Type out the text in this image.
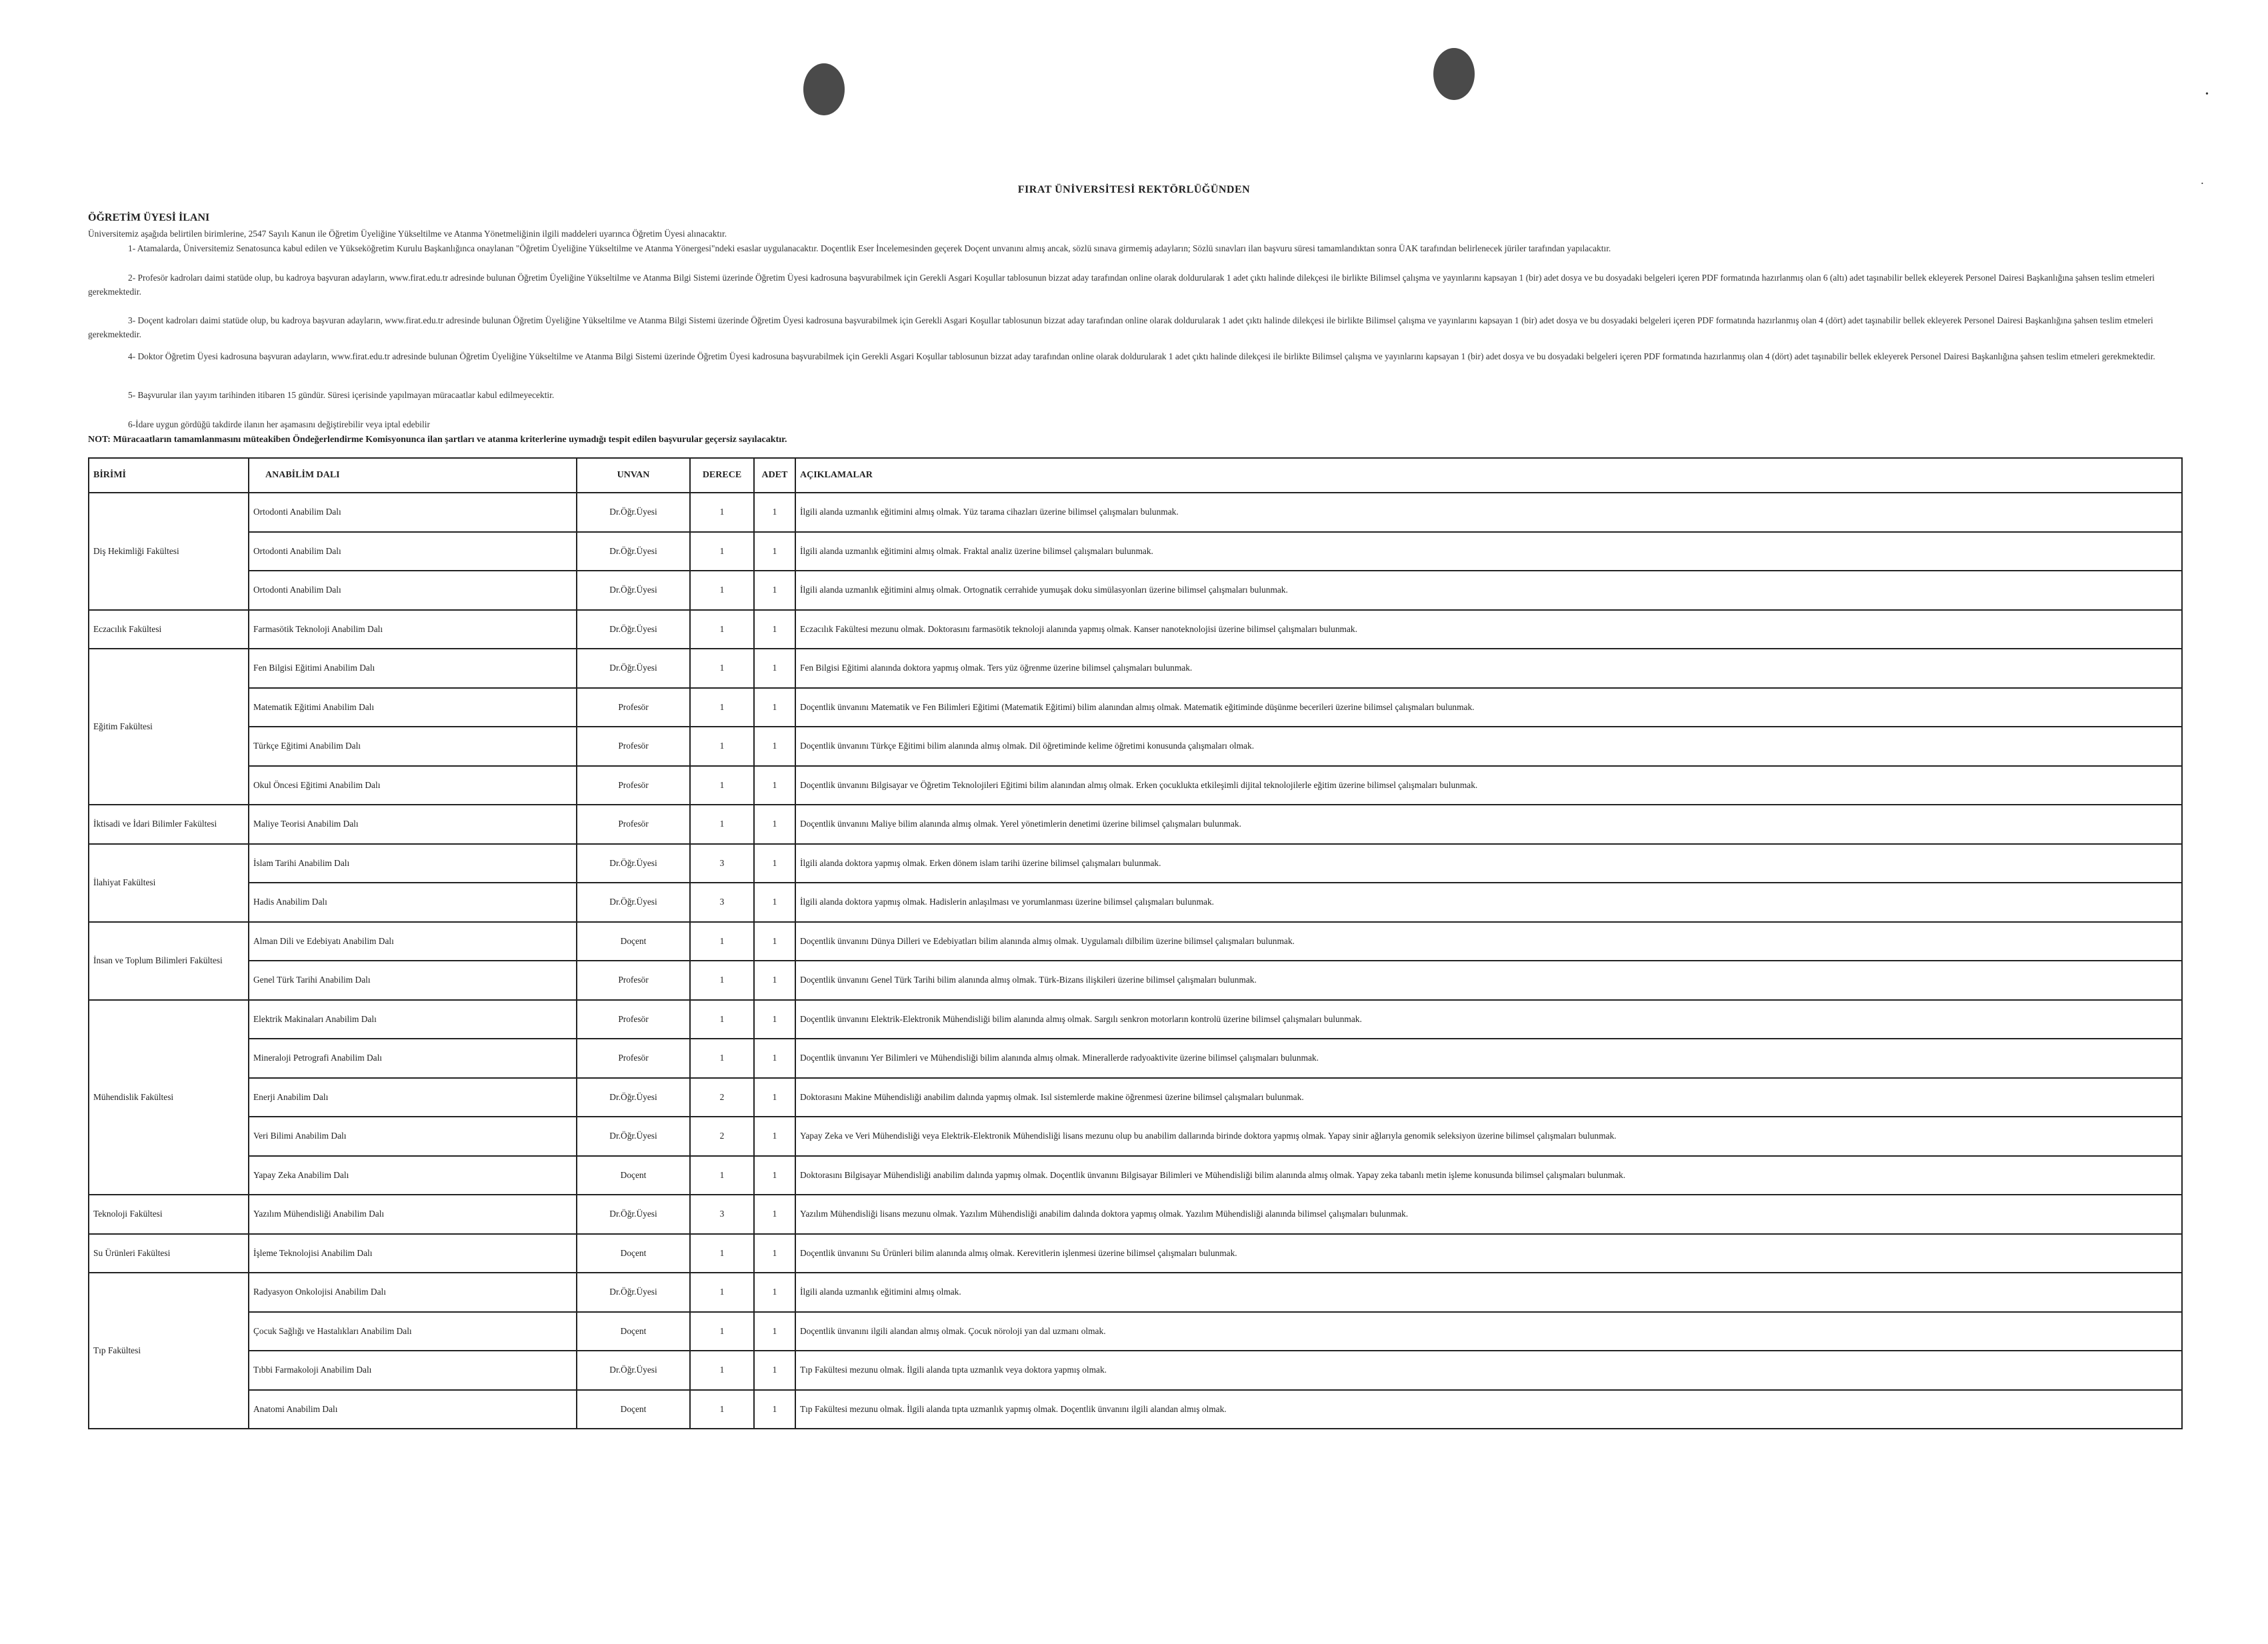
•
˙
FIRAT ÜNİVERSİTESİ REKTÖRLÜĞÜNDEN
ÖĞRETİM ÜYESİ İLANI
Üniversitemiz aşağıda belirtilen birimlerine, 2547 Sayılı Kanun ile Öğretim Üyeliğine Yükseltilme ve Atanma Yönetmeliğinin ilgili maddeleri uyarınca Öğretim Üyesi alınacaktır.
1- Atamalarda, Üniversitemiz Senatosunca kabul edilen ve Yükseköğretim Kurulu Başkanlığınca onaylanan "Öğretim Üyeliğine Yükseltilme ve Atanma Yönergesi"ndeki esaslar uygulanacaktır. Doçentlik Eser İncelemesinden geçerek Doçent unvanını almış ancak, sözlü sınava girmemiş adayların; Sözlü sınavları ilan başvuru süresi tamamlandıktan sonra ÜAK tarafından belirlenecek jüriler tarafından yapılacaktır.
2- Profesör kadroları daimi statüde olup, bu kadroya başvuran adayların, www.firat.edu.tr adresinde bulunan Öğretim Üyeliğine Yükseltilme ve Atanma Bilgi Sistemi üzerinde Öğretim Üyesi kadrosuna başvurabilmek için Gerekli Asgari Koşullar tablosunun bizzat aday tarafından online olarak doldurularak 1 adet çıktı halinde dilekçesi ile birlikte Bilimsel çalışma ve yayınlarını kapsayan 1 (bir) adet dosya ve bu dosyadaki belgeleri içeren PDF formatında hazırlanmış olan 6 (altı) adet taşınabilir bellek ekleyerek Personel Dairesi Başkanlığına şahsen teslim etmeleri gerekmektedir.
3- Doçent kadroları daimi statüde olup, bu kadroya başvuran adayların, www.firat.edu.tr adresinde bulunan Öğretim Üyeliğine Yükseltilme ve Atanma Bilgi Sistemi üzerinde Öğretim Üyesi kadrosuna başvurabilmek için Gerekli Asgari Koşullar tablosunun bizzat aday tarafından online olarak doldurularak 1 adet çıktı halinde dilekçesi ile birlikte Bilimsel çalışma ve yayınlarını kapsayan 1 (bir) adet dosya ve bu dosyadaki belgeleri içeren PDF formatında hazırlanmış olan 4 (dört) adet taşınabilir bellek ekleyerek Personel Dairesi Başkanlığına şahsen teslim etmeleri gerekmektedir.
4- Doktor Öğretim Üyesi kadrosuna başvuran adayların, www.firat.edu.tr adresinde bulunan Öğretim Üyeliğine Yükseltilme ve Atanma Bilgi Sistemi üzerinde Öğretim Üyesi kadrosuna başvurabilmek için Gerekli Asgari Koşullar tablosunun bizzat aday tarafından online olarak doldurularak 1 adet çıktı halinde dilekçesi ile birlikte Bilimsel çalışma ve yayınlarını kapsayan 1 (bir) adet dosya ve bu dosyadaki belgeleri içeren PDF formatında hazırlanmış olan 4 (dört) adet taşınabilir bellek ekleyerek Personel Dairesi Başkanlığına şahsen teslim etmeleri gerekmektedir.
5- Başvurular ilan yayım tarihinden itibaren 15 gündür. Süresi içerisinde yapılmayan müracaatlar kabul edilmeyecektir.
6-İdare uygun gördüğü takdirde ilanın her aşamasını değiştirebilir veya iptal edebilir
NOT: Müracaatların tamamlanmasını müteakiben Öndeğerlendirme Komisyonunca ilan şartları ve atanma kriterlerine uymadığı tespit edilen başvurular geçersiz sayılacaktır.
BİRİMİ	ANABİLİM DALI	UNVAN	DERECE	ADET	AÇIKLAMALAR
Diş Hekimliği Fakültesi	Ortodonti Anabilim Dalı	Dr.Öğr.Üyesi	1	1	İlgili alanda uzmanlık eğitimini almış olmak. Yüz tarama cihazları üzerine bilimsel çalışmaları bulunmak.
	Ortodonti Anabilim Dalı	Dr.Öğr.Üyesi	1	1	İlgili alanda uzmanlık eğitimini almış olmak. Fraktal analiz üzerine bilimsel çalışmaları bulunmak.
	Ortodonti Anabilim Dalı	Dr.Öğr.Üyesi	1	1	İlgili alanda uzmanlık eğitimini almış olmak. Ortognatik cerrahide yumuşak doku simülasyonları üzerine bilimsel çalışmaları bulunmak.
Eczacılık Fakültesi	Farmasötik Teknoloji Anabilim Dalı	Dr.Öğr.Üyesi	1	1	Eczacılık Fakültesi mezunu olmak. Doktorasını farmasötik teknoloji alanında yapmış olmak. Kanser nanoteknolojisi üzerine bilimsel çalışmaları bulunmak.
Eğitim Fakültesi	Fen Bilgisi Eğitimi Anabilim Dalı	Dr.Öğr.Üyesi	1	1	Fen Bilgisi Eğitimi alanında doktora yapmış olmak. Ters yüz öğrenme üzerine bilimsel çalışmaları bulunmak.
	Matematik Eğitimi Anabilim Dalı	Profesör	1	1	Doçentlik ünvanını Matematik ve Fen Bilimleri Eğitimi (Matematik Eğitimi) bilim alanından almış olmak. Matematik eğitiminde düşünme becerileri üzerine bilimsel çalışmaları bulunmak.
	Türkçe Eğitimi Anabilim Dalı	Profesör	1	1	Doçentlik ünvanını Türkçe Eğitimi bilim alanında almış olmak. Dil öğretiminde kelime öğretimi konusunda çalışmaları olmak.
	Okul Öncesi Eğitimi Anabilim Dalı	Profesör	1	1	Doçentlik ünvanını Bilgisayar ve Öğretim Teknolojileri Eğitimi bilim alanından almış olmak. Erken çocuklukta etkileşimli dijital teknolojilerle eğitim üzerine bilimsel çalışmaları bulunmak.
İktisadi ve İdari Bilimler Fakültesi	Maliye Teorisi Anabilim Dalı	Profesör	1	1	Doçentlik ünvanını Maliye bilim alanında almış olmak. Yerel yönetimlerin denetimi üzerine bilimsel çalışmaları bulunmak.
İlahiyat Fakültesi	İslam Tarihi Anabilim Dalı	Dr.Öğr.Üyesi	3	1	İlgili alanda doktora yapmış olmak. Erken dönem islam tarihi üzerine bilimsel çalışmaları bulunmak.
	Hadis Anabilim Dalı	Dr.Öğr.Üyesi	3	1	İlgili alanda doktora yapmış olmak. Hadislerin anlaşılması ve yorumlanması üzerine bilimsel çalışmaları bulunmak.
İnsan ve Toplum Bilimleri Fakültesi	Alman Dili ve Edebiyatı Anabilim Dalı	Doçent	1	1	Doçentlik ünvanını Dünya Dilleri ve Edebiyatları bilim alanında almış olmak. Uygulamalı dilbilim üzerine bilimsel çalışmaları bulunmak.
	Genel Türk Tarihi Anabilim Dalı	Profesör	1	1	Doçentlik ünvanını Genel Türk Tarihi bilim alanında almış olmak. Türk-Bizans ilişkileri üzerine bilimsel çalışmaları bulunmak.
Mühendislik Fakültesi	Elektrik Makinaları Anabilim Dalı	Profesör	1	1	Doçentlik ünvanını Elektrik-Elektronik Mühendisliği bilim alanında almış olmak. Sargılı senkron motorların kontrolü üzerine bilimsel çalışmaları bulunmak.
	Mineraloji Petrografi Anabilim Dalı	Profesör	1	1	Doçentlik ünvanını Yer Bilimleri ve Mühendisliği bilim alanında almış olmak. Minerallerde radyoaktivite üzerine bilimsel çalışmaları bulunmak.
	Enerji Anabilim Dalı	Dr.Öğr.Üyesi	2	1	Doktorasını Makine Mühendisliği anabilim dalında yapmış olmak. Isıl sistemlerde makine öğrenmesi üzerine bilimsel çalışmaları bulunmak.
	Veri Bilimi Anabilim Dalı	Dr.Öğr.Üyesi	2	1	Yapay Zeka ve Veri Mühendisliği veya Elektrik-Elektronik Mühendisliği lisans mezunu olup bu anabilim dallarında birinde doktora yapmış olmak. Yapay sinir ağlarıyla genomik seleksiyon üzerine bilimsel çalışmaları bulunmak.
	Yapay Zeka Anabilim Dalı	Doçent	1	1	Doktorasını Bilgisayar Mühendisliği anabilim dalında yapmış olmak. Doçentlik ünvanını Bilgisayar Bilimleri ve Mühendisliği bilim alanında almış olmak. Yapay zeka tabanlı metin işleme konusunda bilimsel çalışmaları bulunmak.
Teknoloji Fakültesi	Yazılım Mühendisliği Anabilim Dalı	Dr.Öğr.Üyesi	3	1	Yazılım Mühendisliği lisans mezunu olmak. Yazılım Mühendisliği anabilim dalında doktora yapmış olmak. Yazılım Mühendisliği alanında bilimsel çalışmaları bulunmak.
Su Ürünleri Fakültesi	İşleme Teknolojisi Anabilim Dalı	Doçent	1	1	Doçentlik ünvanını Su Ürünleri bilim alanında almış olmak. Kerevitlerin işlenmesi üzerine bilimsel çalışmaları bulunmak.
Tıp Fakültesi	Radyasyon Onkolojisi Anabilim Dalı	Dr.Öğr.Üyesi	1	1	İlgili alanda uzmanlık eğitimini almış olmak.
	Çocuk Sağlığı ve Hastalıkları Anabilim Dalı	Doçent	1	1	Doçentlik ünvanını ilgili alandan almış olmak. Çocuk nöroloji yan dal uzmanı olmak.
	Tıbbi Farmakoloji Anabilim Dalı	Dr.Öğr.Üyesi	1	1	Tıp Fakültesi mezunu olmak. İlgili alanda tıpta uzmanlık veya doktora yapmış olmak.
	Anatomi Anabilim Dalı	Doçent	1	1	Tıp Fakültesi mezunu olmak. İlgili alanda tıpta uzmanlık yapmış olmak. Doçentlik ünvanını ilgili alandan almış olmak.
